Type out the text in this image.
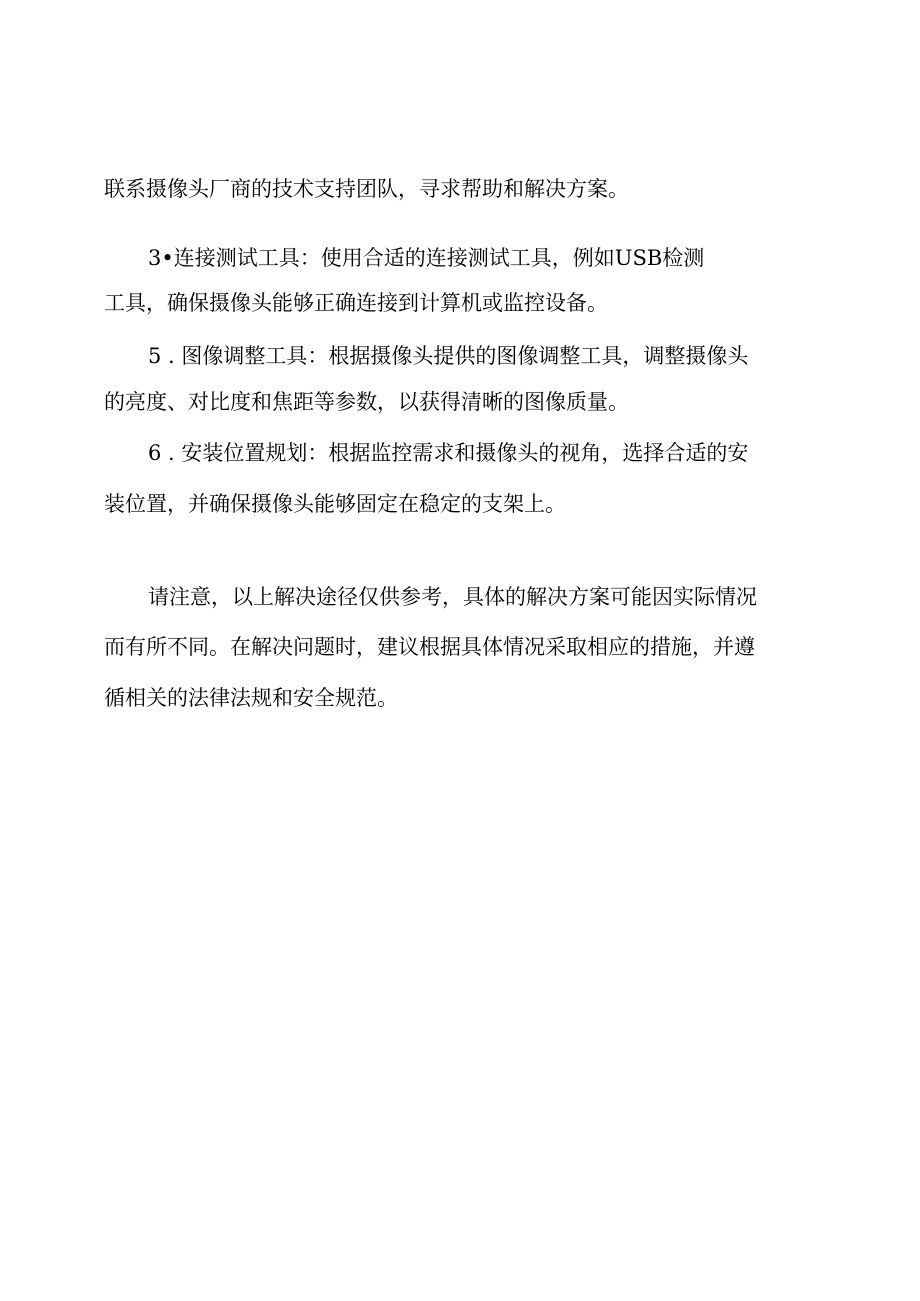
联系摄像头厂商的技术支持团队，寻求帮助和解决方案。
3•连接测试工具：使用合适的连接测试工具，例如USB检测
工具，确保摄像头能够正确连接到计算机或监控设备。
5 . 图像调整工具：根据摄像头提供的图像调整工具，调整摄像头
的亮度、对比度和焦距等参数，以获得清晰的图像质量。
6 . 安装位置规划：根据监控需求和摄像头的视角，选择合适的安
装位置，并确保摄像头能够固定在稳定的支架上。
请注意，以上解决途径仅供参考，具体的解决方案可能因实际情况
而有所不同。在解决问题时，建议根据具体情况采取相应的措施，并遵
循相关的法律法规和安全规范。
